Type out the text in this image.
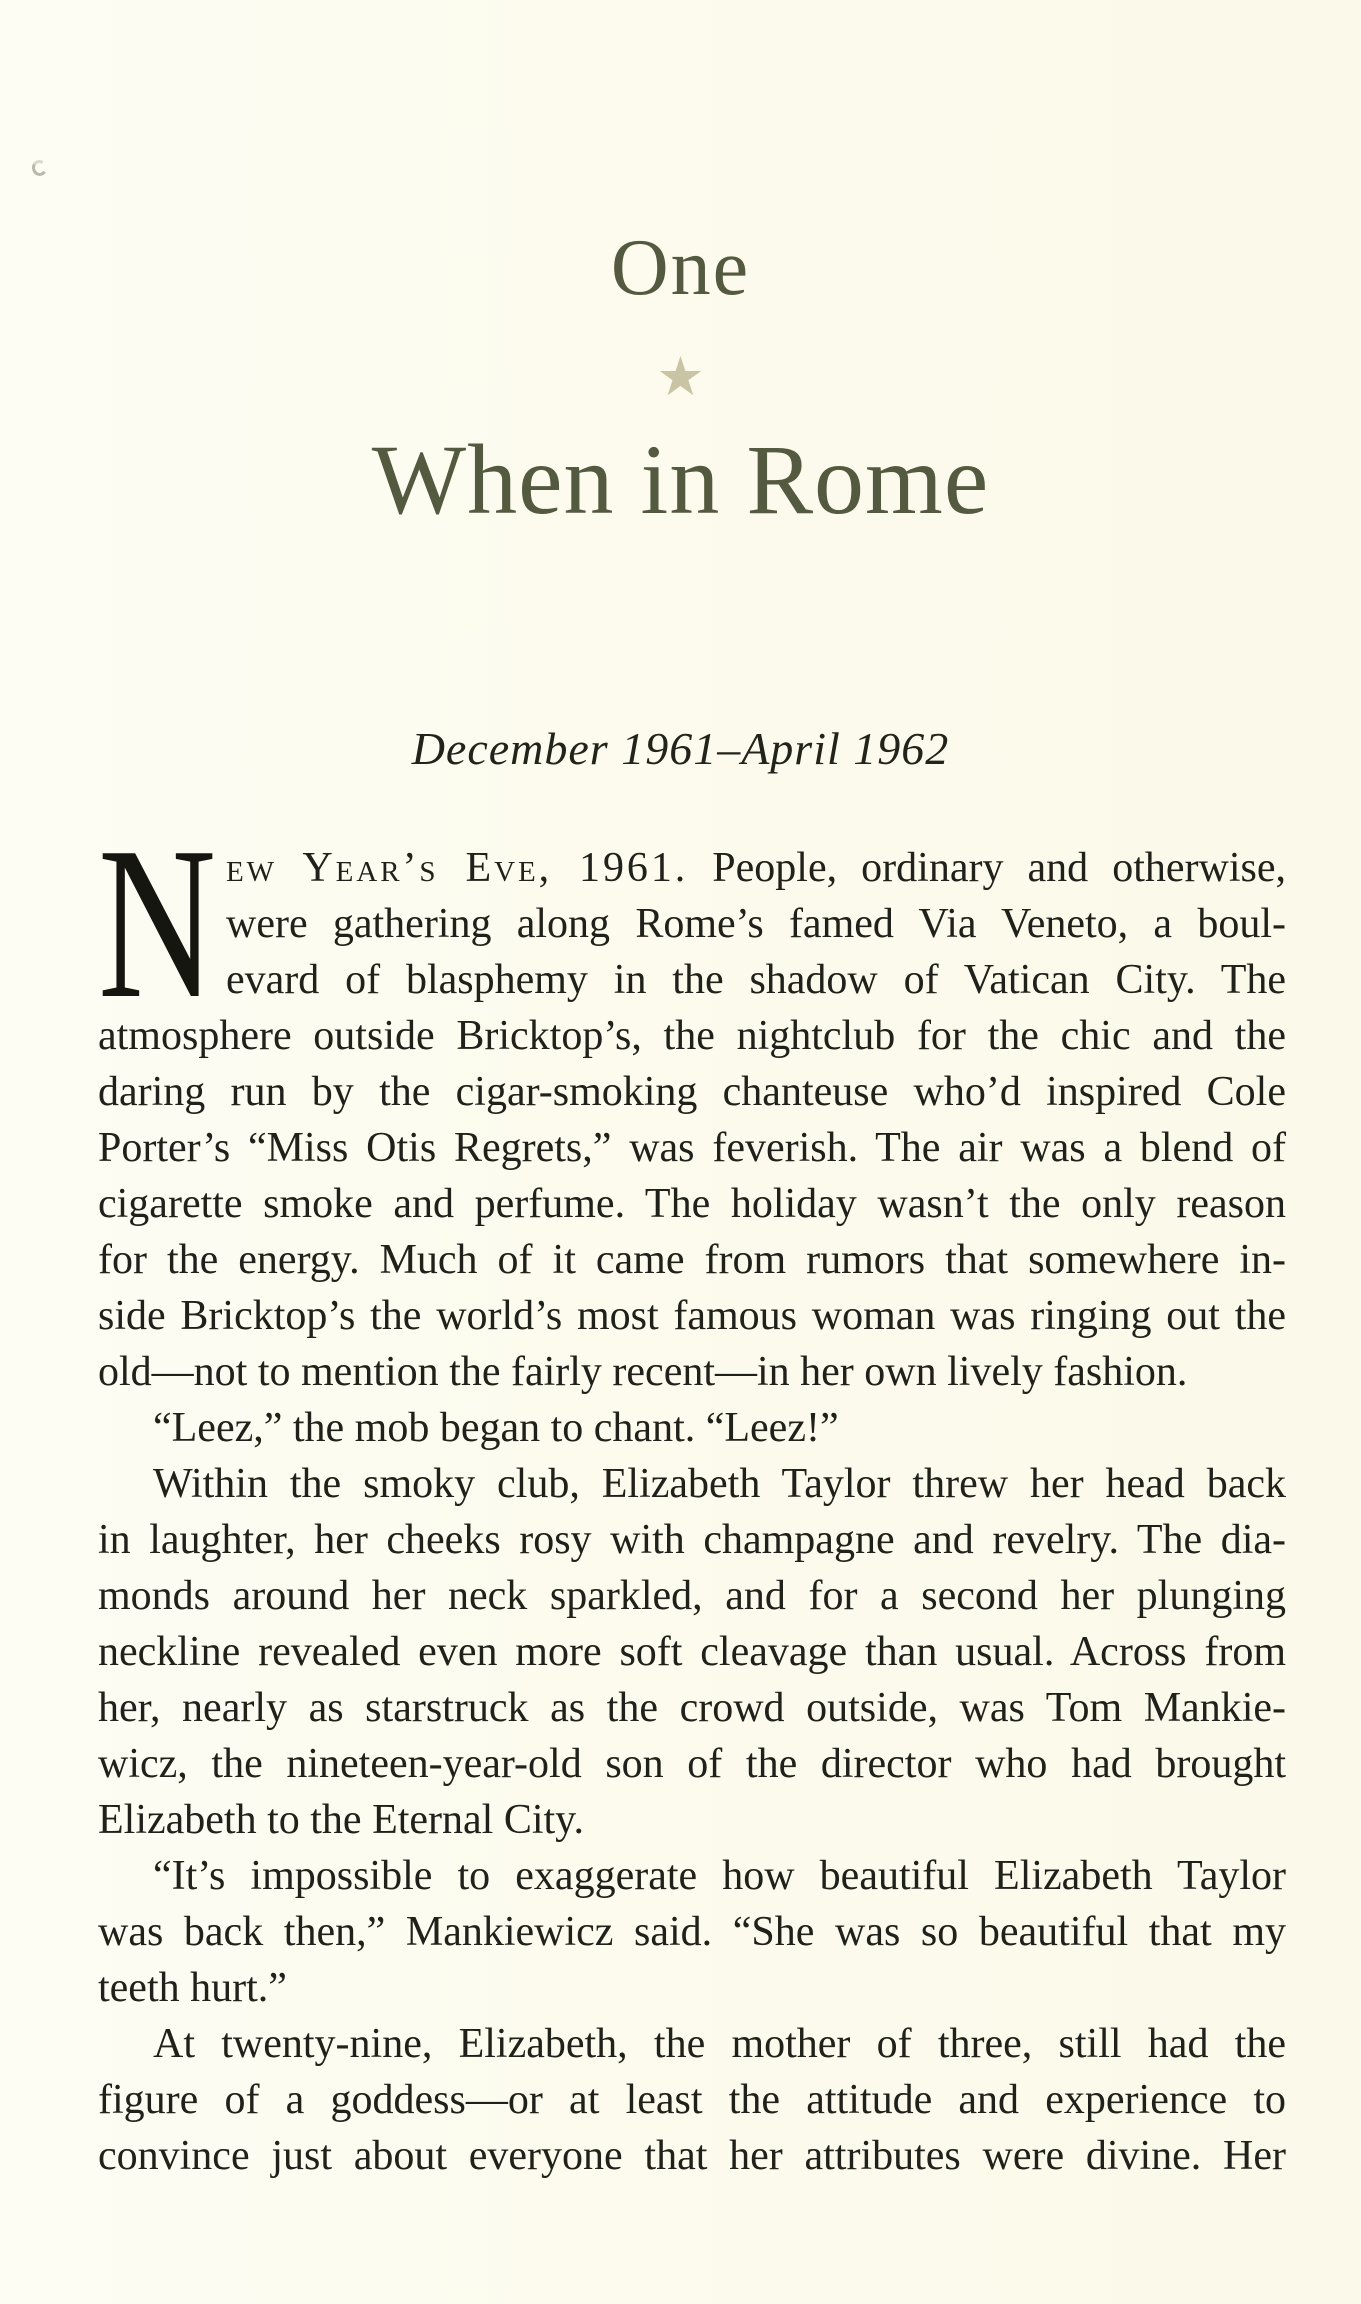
One
★
When in Rome
December 1961–April 1962
N ew Year’s Eve, 1961. People, ordinary and otherwise,
were gathering along Rome’s famed Via Veneto, a boul-
evard of blasphemy in the shadow of Vatican City. The
atmosphere outside Bricktop’s, the nightclub for the chic and the
daring run by the cigar-smoking chanteuse who’d inspired Cole
Porter’s “Miss Otis Regrets,” was feverish. The air was a blend of
cigarette smoke and perfume. The holiday wasn’t the only reason
for the energy. Much of it came from rumors that somewhere in-
side Bricktop’s the world’s most famous woman was ringing out the
old—not to mention the fairly recent—in her own lively fashion.
“Leez,” the mob began to chant. “Leez!”
Within the smoky club, Elizabeth Taylor threw her head back
in laughter, her cheeks rosy with champagne and revelry. The dia-
monds around her neck sparkled, and for a second her plunging
neckline revealed even more soft cleavage than usual. Across from
her, nearly as starstruck as the crowd outside, was Tom Mankie-
wicz, the nineteen-year-old son of the director who had brought
Elizabeth to the Eternal City.
“It’s impossible to exaggerate how beautiful Elizabeth Taylor
was back then,” Mankiewicz said. “She was so beautiful that my
teeth hurt.”
At twenty-nine, Elizabeth, the mother of three, still had the
figure of a goddess—or at least the attitude and experience to
convince just about everyone that her attributes were divine. Her
